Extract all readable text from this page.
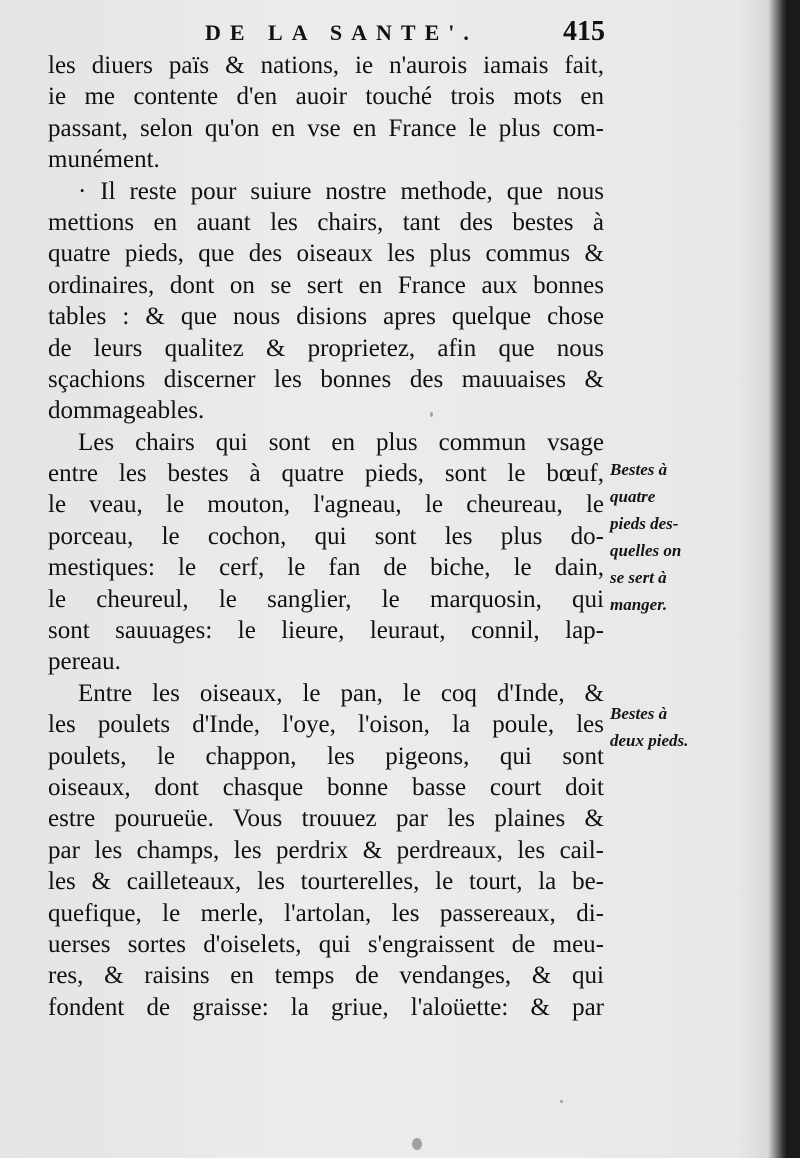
DE LA SANTE'.	415
les diuers païs & nations, ie n'aurois iamais fait,
ie me contente d'en auoir touché trois mots en
passant, selon qu'on en vse en France le plus com-
munément.
· Il reste pour suiure nostre methode, que nous
mettions en auant les chairs, tant des bestes à
quatre pieds, que des oiseaux les plus commus &
ordinaires, dont on se sert en France aux bonnes
tables : & que nous disions apres quelque chose
de leurs qualitez & proprietez, afin que nous
sçachions discerner les bonnes des mauuaises &
dommageables.
Les chairs qui sont en plus commun vsage
entre les bestes à quatre pieds, sont le bœuf,
le veau, le mouton, l'agneau, le cheureau, le
porceau, le cochon, qui sont les plus do-
mestiques: le cerf, le fan de biche, le dain,
le cheureul, le sanglier, le marquosin, qui
sont sauuages: le lieure, leuraut, connil, lap-
pereau.
Entre les oiseaux, le pan, le coq d'Inde, &
les poulets d'Inde, l'oye, l'oison, la poule, les
poulets, le chappon, les pigeons, qui sont
oiseaux, dont chasque bonne basse court doit
estre pourueüe. Vous trouuez par les plaines &
par les champs, les perdrix & perdreaux, les cail-
les & cailleteaux, les tourterelles, le tourt, la be-
quefique, le merle, l'artolan, les passereaux, di-
uerses sortes d'oiselets, qui s'engraissent de meu-
res, & raisins en temps de vendanges, & qui
fondent de graisse: la griue, l'aloüette: & par
Bestes à
quatre
pieds des-
quelles on
se sert à
manger.
Bestes à
deux pieds.
